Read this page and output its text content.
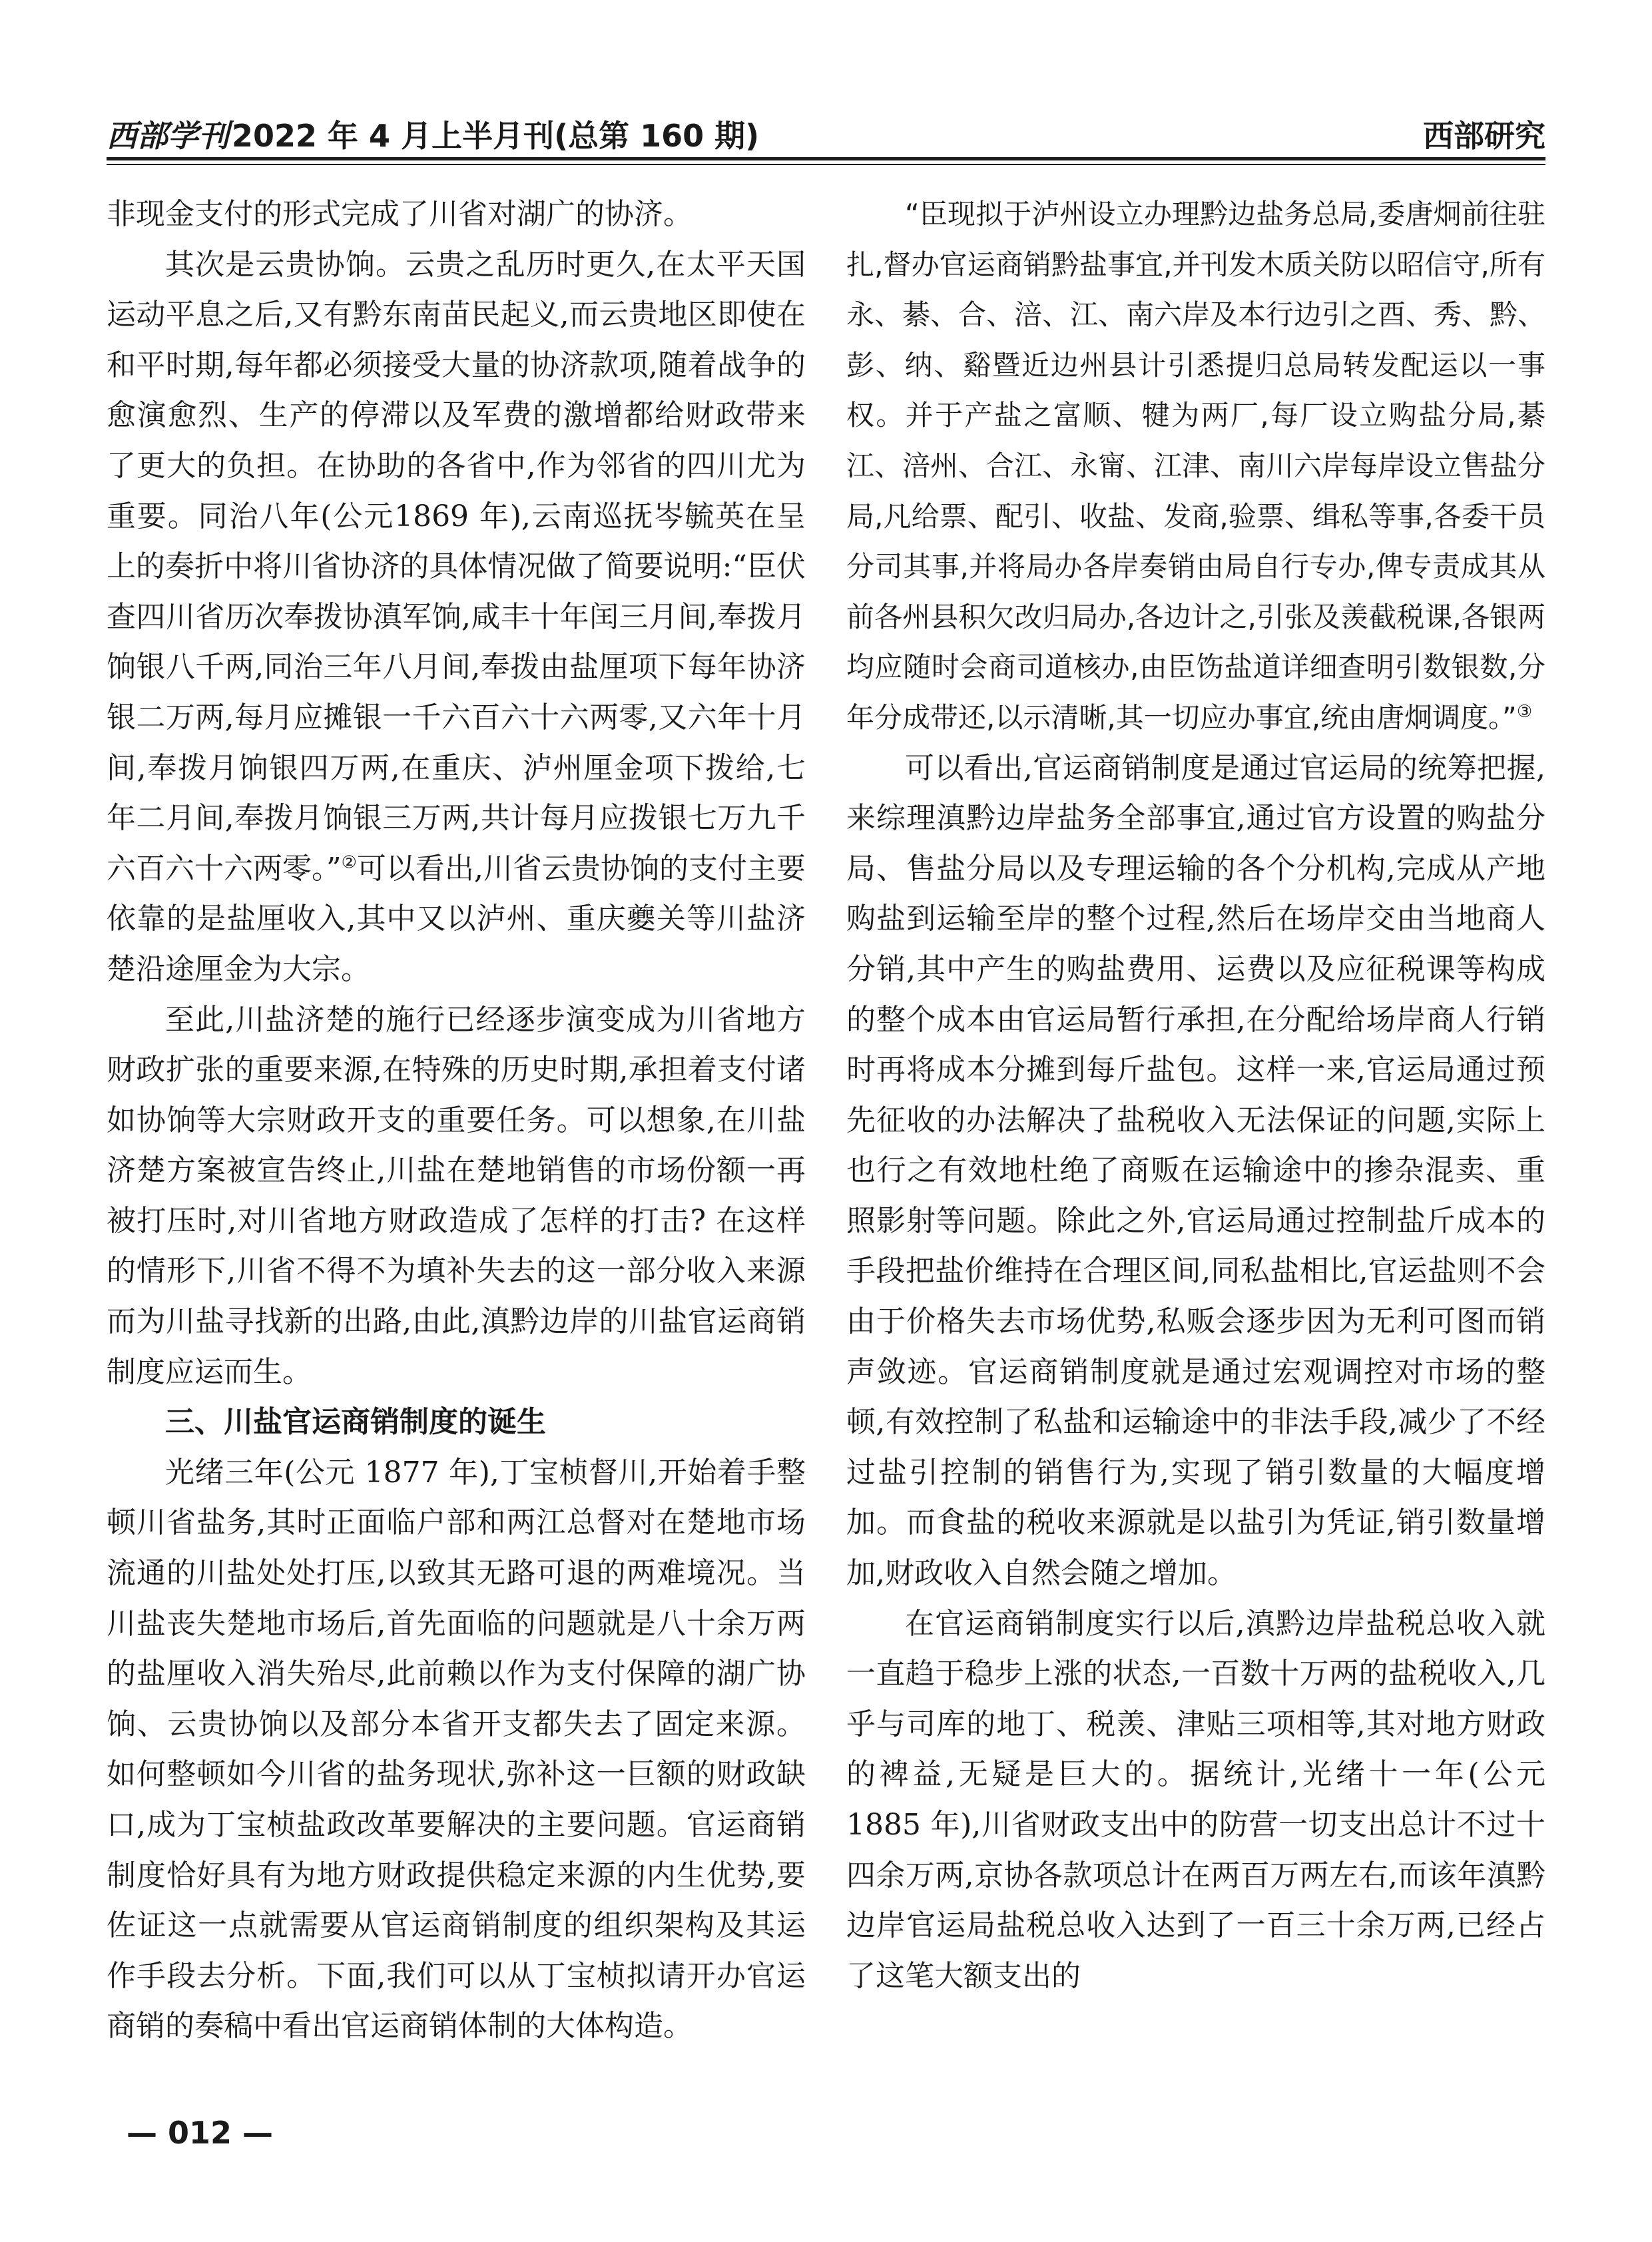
西部学刊2022 年 4 月上半月刊(总第 160 期)	西部研究

非现金支付的形式完成了川省对湖广的协济。

其次是云贵协饷。云贵之乱历时更久,在太平天国运动平息之后,又有黔东南苗民起义,而云贵地区即使在和平时期,每年都必须接受大量的协济款项,随着战争的愈演愈烈、生产的停滞以及军费的激增都给财政带来了更大的负担。在协助的各省中,作为邻省的四川尤为重要。同治八年(公元1869 年),云南巡抚岑毓英在呈上的奏折中将川省协济的具体情况做了简要说明:“臣伏查四川省历次奉拨协滇军饷,咸丰十年闰三月间,奉拨月饷银八千两,同治三年八月间,奉拨由盐厘项下每年协济银二万两,每月应摊银一千六百六十六两零,又六年十月间,奉拨月饷银四万两,在重庆、泸州厘金项下拨给,七年二月间,奉拨月饷银三万两,共计每月应拨银七万九千六百六十六两零。”②可以看出,川省云贵协饷的支付主要依靠的是盐厘收入,其中又以泸州、重庆夔关等川盐济楚沿途厘金为大宗。

至此,川盐济楚的施行已经逐步演变成为川省地方财政扩张的重要来源,在特殊的历史时期,承担着支付诸如协饷等大宗财政开支的重要任务。可以想象,在川盐济楚方案被宣告终止,川盐在楚地销售的市场份额一再被打压时,对川省地方财政造成了怎样的打击? 在这样的情形下,川省不得不为填补失去的这一部分收入来源而为川盐寻找新的出路,由此,滇黔边岸的川盐官运商销制度应运而生。

三、川盐官运商销制度的诞生

光绪三年(公元 1877 年),丁宝桢督川,开始着手整顿川省盐务,其时正面临户部和两江总督对在楚地市场流通的川盐处处打压,以致其无路可退的两难境况。当川盐丧失楚地市场后,首先面临的问题就是八十余万两的盐厘收入消失殆尽,此前赖以作为支付保障的湖广协饷、云贵协饷以及部分本省开支都失去了固定来源。如何整顿如今川省的盐务现状,弥补这一巨额的财政缺口,成为丁宝桢盐政改革要解决的主要问题。官运商销制度恰好具有为地方财政提供稳定来源的内生优势,要佐证这一点就需要从官运商销制度的组织架构及其运作手段去分析。下面,我们可以从丁宝桢拟请开办官运商销的奏稿中看出官运商销体制的大体构造。

“臣现拟于泸州设立办理黔边盐务总局,委唐炯前往驻扎,督办官运商销黔盐事宜,并刊发木质关防以昭信守,所有永、綦、合、涪、江、南六岸及本行边引之酉、秀、黔、彭、纳、谿暨近边州县计引悉提归总局转发配运以一事权。并于产盐之富顺、犍为两厂,每厂设立购盐分局,綦江、涪州、合江、永甯、江津、南川六岸每岸设立售盐分局,凡给票、配引、收盐、发商,验票、缉私等事,各委干员分司其事,并将局办各岸奏销由局自行专办,俾专责成其从前各州县积欠改归局办,各边计之,引张及羡截税课,各银两均应随时会商司道核办,由臣饬盐道详细查明引数银数,分年分成带还,以示清晰,其一切应办事宜,统由唐炯调度。”③

可以看出,官运商销制度是通过官运局的统筹把握,来综理滇黔边岸盐务全部事宜,通过官方设置的购盐分局、售盐分局以及专理运输的各个分机构,完成从产地购盐到运输至岸的整个过程,然后在场岸交由当地商人分销,其中产生的购盐费用、运费以及应征税课等构成的整个成本由官运局暂行承担,在分配给场岸商人行销时再将成本分摊到每斤盐包。这样一来,官运局通过预先征收的办法解决了盐税收入无法保证的问题,实际上也行之有效地杜绝了商贩在运输途中的掺杂混卖、重照影射等问题。除此之外,官运局通过控制盐斤成本的手段把盐价维持在合理区间,同私盐相比,官运盐则不会由于价格失去市场优势,私贩会逐步因为无利可图而销声敛迹。官运商销制度就是通过宏观调控对市场的整顿,有效控制了私盐和运输途中的非法手段,减少了不经过盐引控制的销售行为,实现了销引数量的大幅度增加。而食盐的税收来源就是以盐引为凭证,销引数量增加,财政收入自然会随之增加。

在官运商销制度实行以后,滇黔边岸盐税总收入就一直趋于稳步上涨的状态,一百数十万两的盐税收入,几乎与司库的地丁、税羡、津贴三项相等,其对地方财政的裨益,无疑是巨大的。据统计,光绪十一年(公元 1885 年),川省财政支出中的防营一切支出总计不过十四余万两,京协各款项总计在两百万两左右,而该年滇黔边岸官运局盐税总收入达到了一百三十余万两,已经占了这笔大额支出的

— 012 —
